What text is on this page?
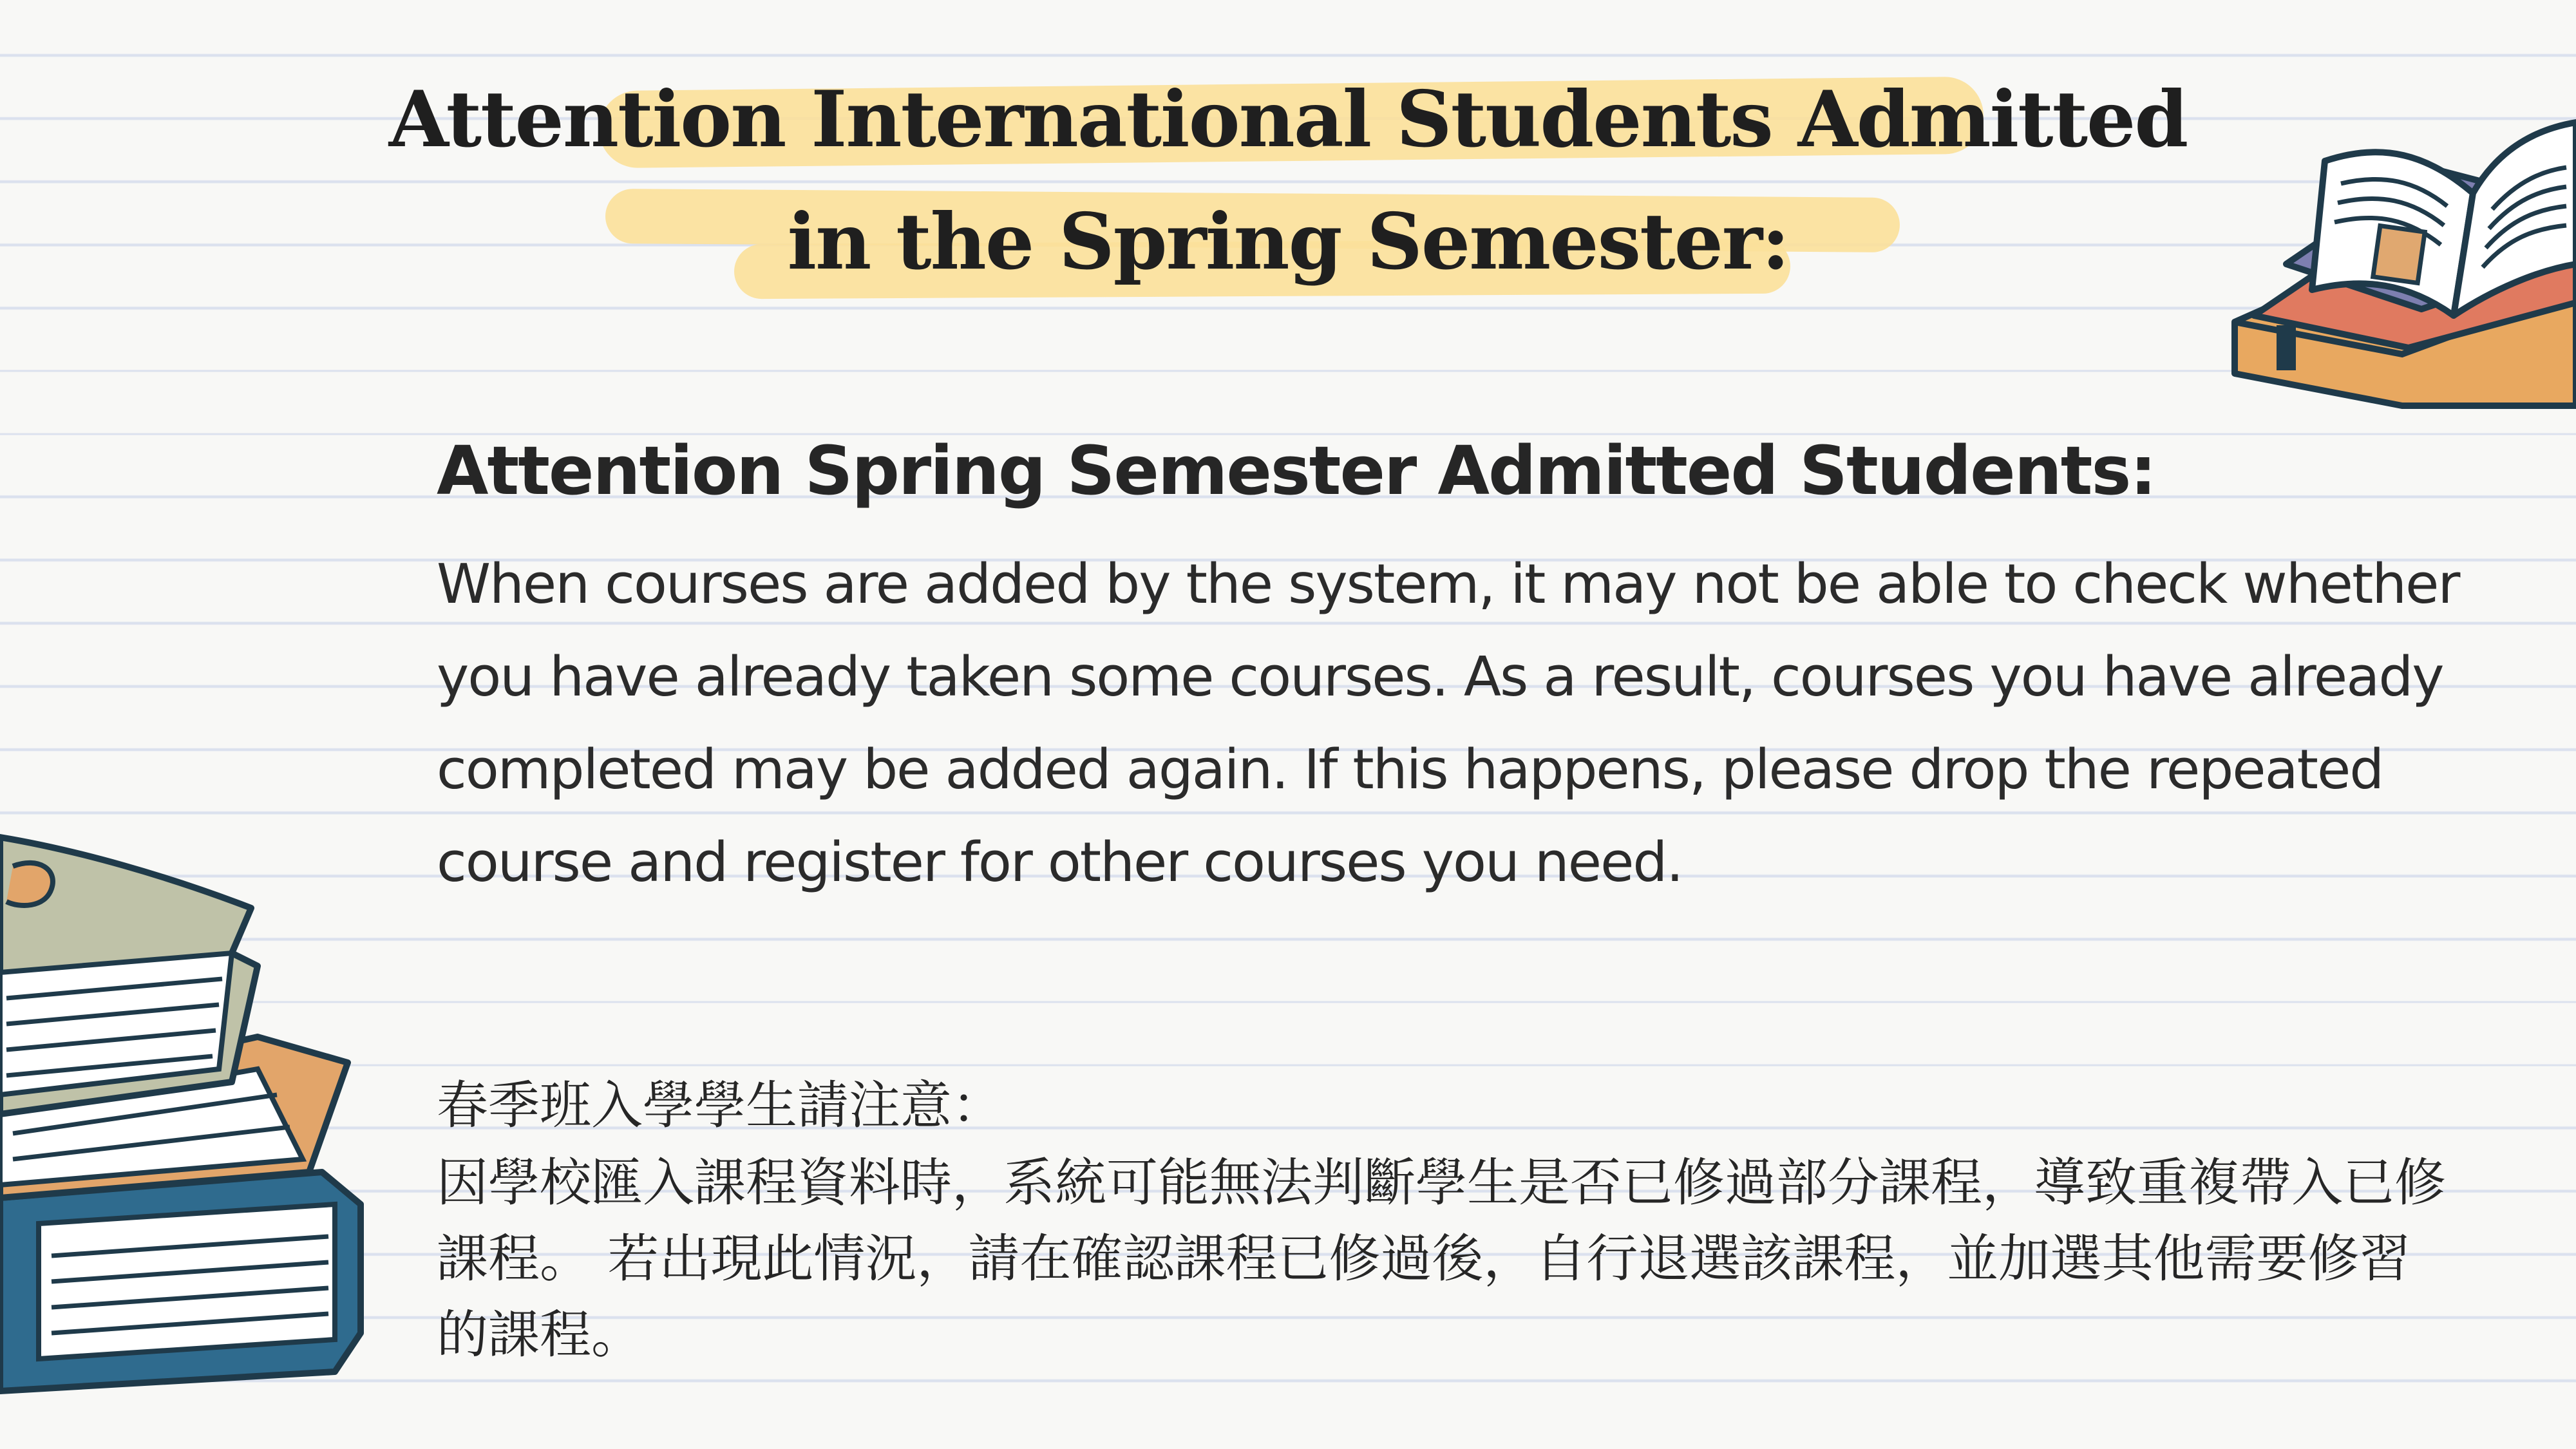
Attention International Students Admitted
in the Spring Semester:
Attention Spring Semester Admitted Students:
When courses are added by the system, it may not be able to check whether you have already taken some courses. As a result, courses you have already completed may be added again. If this happens, please drop the repeated course and register for other courses you need.
春季班入學學生請注意：
因學校匯入課程資料時，系統可能無法判斷學生是否已修過部分課程，導致重複帶入已修課程。 若出現此情況，請在確認課程已修過後，自行退選該課程，並加選其他需要修習的課程。
